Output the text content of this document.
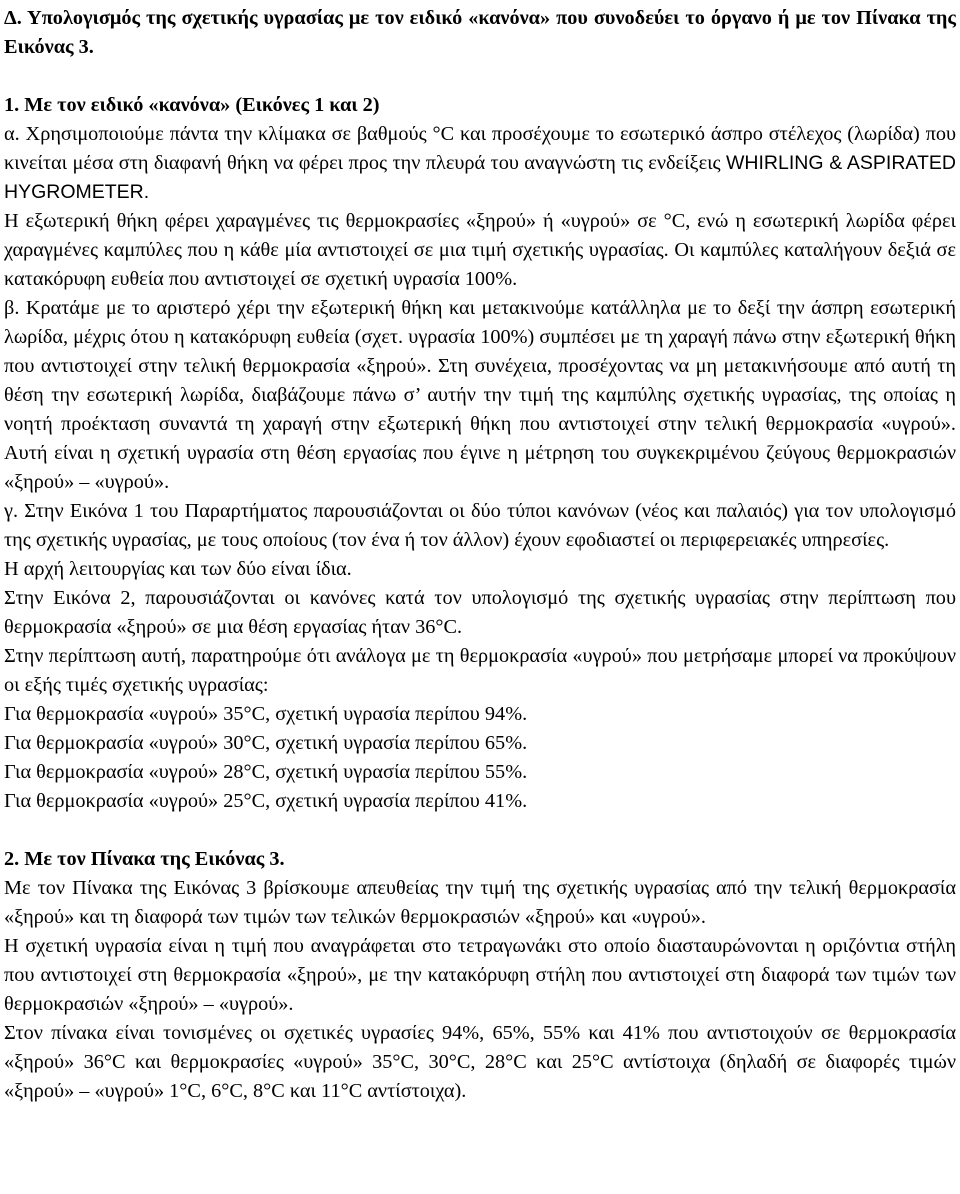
Δ. Υπολογισμός της σχετικής υγρασίας με τον ειδικό «κανόνα» που συνοδεύει το όργανο ή με τον Πίνακα της Εικόνας 3.

1. Με τον ειδικό «κανόνα» (Εικόνες 1 και 2)

α. Χρησιμοποιούμε πάντα την κλίμακα σε βαθμούς °C και προσέχουμε το εσωτερικό άσπρο στέλεχος (λωρίδα) που κινείται μέσα στη διαφανή θήκη να φέρει προς την πλευρά του αναγνώστη τις ενδείξεις WHIRLING & ASPIRATED HYGROMETER.

Η εξωτερική θήκη φέρει χαραγμένες τις θερμοκρασίες «ξηρού» ή «υγρού» σε °C, ενώ η εσωτερική λωρίδα φέρει χαραγμένες καμπύλες που η κάθε μία αντιστοιχεί σε μια τιμή σχετικής υγρασίας. Οι καμπύλες καταλήγουν δεξιά σε κατακόρυφη ευθεία που αντιστοιχεί σε σχετική υγρασία 100%.

β. Κρατάμε με το αριστερό χέρι την εξωτερική θήκη και μετακινούμε κατάλληλα με το δεξί την άσπρη εσωτερική λωρίδα, μέχρις ότου η κατακόρυφη ευθεία (σχετ. υγρασία 100%) συμπέσει με τη χαραγή πάνω στην εξωτερική θήκη που αντιστοιχεί στην τελική θερμοκρασία «ξηρού». Στη συνέχεια, προσέχοντας να μη μετακινήσουμε από αυτή τη θέση την εσωτερική λωρίδα, διαβάζουμε πάνω σ’ αυτήν την τιμή της καμπύλης σχετικής υγρασίας, της οποίας η νοητή προέκταση συναντά τη χαραγή στην εξωτερική θήκη που αντιστοιχεί στην τελική θερμοκρασία «υγρού». Αυτή είναι η σχετική υγρασία στη θέση εργασίας που έγινε η μέτρηση του συγκεκριμένου ζεύγους θερμοκρασιών «ξηρού» – «υγρού».

γ. Στην Εικόνα 1 του Παραρτήματος παρουσιάζονται οι δύο τύποι κανόνων (νέος και παλαιός) για τον υπολογισμό της σχετικής υγρασίας, με τους οποίους (τον ένα ή τον άλλον) έχουν εφοδιαστεί οι περιφερειακές υπηρεσίες.

Η αρχή λειτουργίας και των δύο είναι ίδια.

Στην Εικόνα 2, παρουσιάζονται οι κανόνες κατά τον υπολογισμό της σχετικής υγρασίας στην περίπτωση που θερμοκρασία «ξηρού» σε μια θέση εργασίας ήταν 36°C.

Στην περίπτωση αυτή, παρατηρούμε ότι ανάλογα με τη θερμοκρασία «υγρού» που μετρήσαμε μπορεί να προκύψουν οι εξής τιμές σχετικής υγρασίας:

Για θερμοκρασία «υγρού» 35°C, σχετική υγρασία περίπου 94%.

Για θερμοκρασία «υγρού» 30°C, σχετική υγρασία περίπου 65%.

Για θερμοκρασία «υγρού» 28°C, σχετική υγρασία περίπου 55%.

Για θερμοκρασία «υγρού» 25°C, σχετική υγρασία περίπου 41%.

2. Με τον Πίνακα της Εικόνας 3.

Με τον Πίνακα της Εικόνας 3 βρίσκουμε απευθείας την τιμή της σχετικής υγρασίας από την τελική θερμοκρασία «ξηρού» και τη διαφορά των τιμών των τελικών θερμοκρασιών «ξηρού» και «υγρού».

Η σχετική υγρασία είναι η τιμή που αναγράφεται στο τετραγωνάκι στο οποίο διασταυρώνονται η οριζόντια στήλη που αντιστοιχεί στη θερμοκρασία «ξηρού», με την κατακόρυφη στήλη που αντιστοιχεί στη διαφορά των τιμών των θερμοκρασιών «ξηρού» – «υγρού».

Στον πίνακα είναι τονισμένες οι σχετικές υγρασίες 94%, 65%, 55% και 41% που αντιστοιχούν σε θερμοκρασία «ξηρού» 36°C και θερμοκρασίες «υγρού» 35°C, 30°C, 28°C και 25°C αντίστοιχα (δηλαδή σε διαφορές τιμών «ξηρού» – «υγρού» 1°C, 6°C, 8°C και 11°C αντίστοιχα).
